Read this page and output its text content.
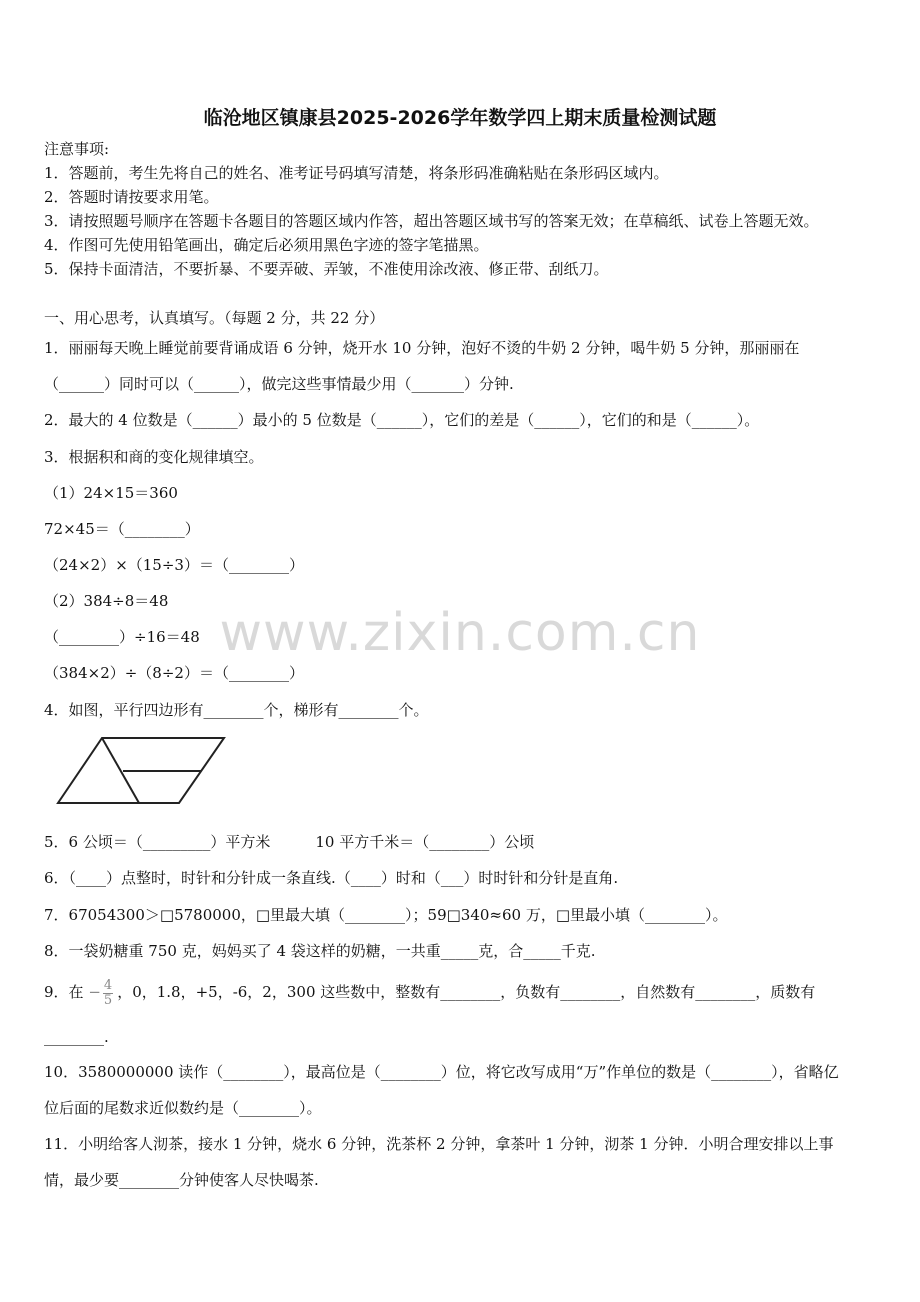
临沧地区镇康县2025-2026学年数学四上期末质量检测试题
注意事项:
1．答题前，考生先将自己的姓名、准考证号码填写清楚，将条形码准确粘贴在条形码区域内。
2．答题时请按要求用笔。
3．请按照题号顺序在答题卡各题目的答题区域内作答，超出答题区域书写的答案无效；在草稿纸、试卷上答题无效。
4．作图可先使用铅笔画出，确定后必须用黑色字迹的签字笔描黑。
5．保持卡面清洁，不要折暴、不要弄破、弄皱，不准使用涂改液、修正带、刮纸刀。
一、用心思考，认真填写。（每题 2 分，共 22 分）
1．丽丽每天晚上睡觉前要背诵成语 6 分钟，烧开水 10 分钟，泡好不烫的牛奶 2 分钟，喝牛奶 5 分钟，那丽丽在
（______）同时可以（______），做完这些事情最少用（_______）分钟.
2．最大的 4 位数是（______）最小的 5 位数是（______），它们的差是（______），它们的和是（______）。
3．根据积和商的变化规律填空。
（1）24×15＝360
72×45＝（________）
（24×2）×（15÷3）＝（________）
（2）384÷8＝48
（________）÷16＝48
（384×2）÷（8÷2）＝（________）
4．如图，平行四边形有________个，梯形有________个。
5．6 公顷＝（_________）平方米　　　10 平方千米＝（________）公顷
6．（____）点整时，时针和分针成一条直线.（____）时和（___）时时针和分针是直角.
7．67054300＞□5780000，□里最大填（________）；59□340≈60 万，□里最小填（________）。
8．一袋奶糖重 750 克，妈妈买了 4 袋这样的奶糖，一共重_____克，合_____千克.
9．在 − $\frac{4}{5}$ ，0，1.8，+5，-6，2，300 这些数中，整数有________，负数有________，自然数有________，质数有
________.
10．3580000000 读作（________），最高位是（________）位，将它改写成用“万”作单位的数是（________），省略亿
位后面的尾数求近似数约是（________）。
11．小明给客人沏茶，接水 1 分钟，烧水 6 分钟，洗茶杯 2 分钟，拿茶叶 1 分钟，沏茶 1 分钟．小明合理安排以上事
情，最少要________分钟使客人尽快喝茶.
www.zixin.com.cn
